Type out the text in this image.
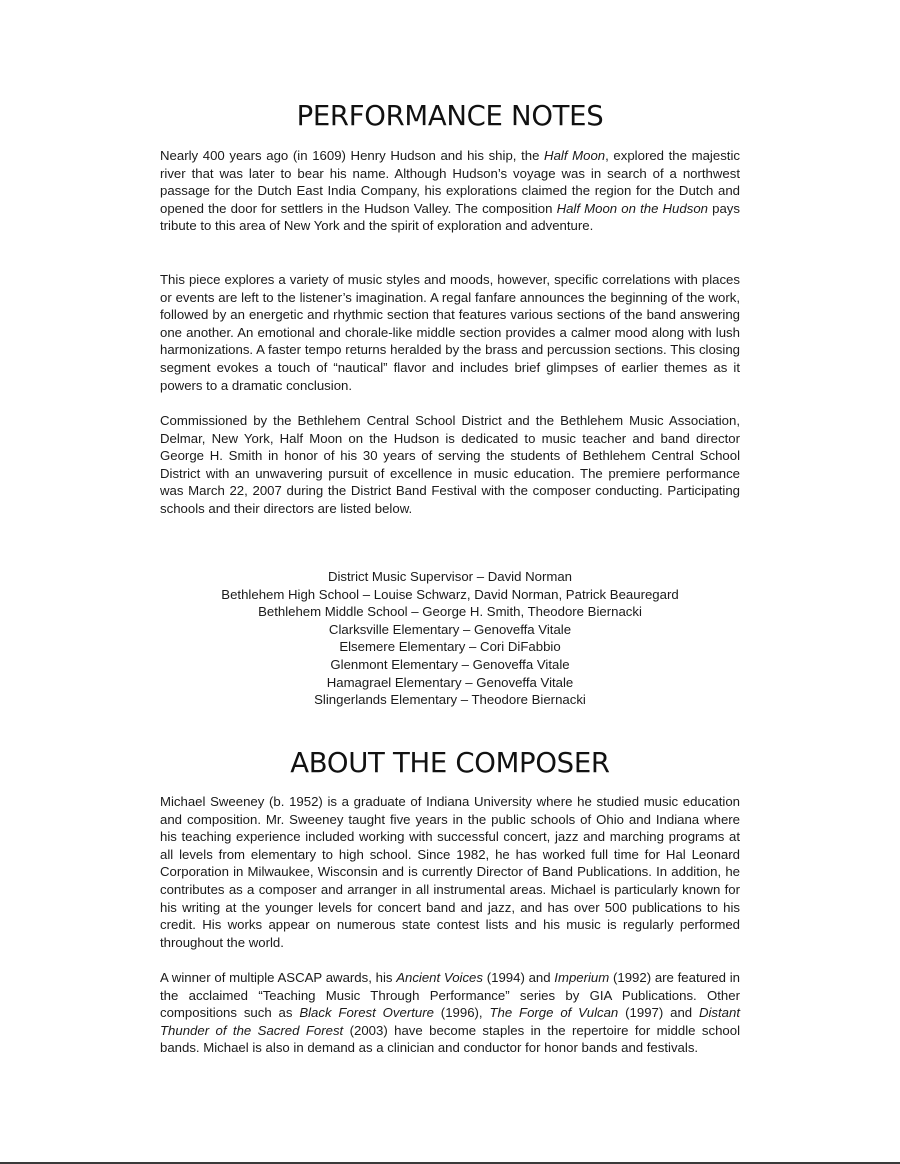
PERFORMANCE NOTES

Nearly 400 years ago (in 1609) Henry Hudson and his ship, the Half Moon, explored the majestic river that was later to bear his name. Although Hudson’s voyage was in search of a northwest passage for the Dutch East India Company, his explorations claimed the region for the Dutch and opened the door for settlers in the Hudson Valley. The composition Half Moon on the Hudson pays tribute to this area of New York and the spirit of exploration and adventure.

This piece explores a variety of music styles and moods, however, specific correlations with places or events are left to the listener’s imagination. A regal fanfare announces the beginning of the work, followed by an energetic and rhythmic section that features various sections of the band answering one another. An emotional and chorale-like middle section provides a calmer mood along with lush harmonizations. A faster tempo returns heralded by the brass and percussion sections. This closing segment evokes a touch of “nautical” flavor and includes brief glimpses of earlier themes as it powers to a dramatic conclusion.

Commissioned by the Bethlehem Central School District and the Bethlehem Music Association, Delmar, New York, Half Moon on the Hudson is dedicated to music teacher and band director George H. Smith in honor of his 30 years of serving the students of Bethlehem Central School District with an unwavering pursuit of excellence in music education. The premiere performance was March 22, 2007 during the District Band Festival with the composer conducting. Participating schools and their directors are listed below.

District Music Supervisor – David Norman
Bethlehem High School – Louise Schwarz, David Norman, Patrick Beauregard
Bethlehem Middle School – George H. Smith, Theodore Biernacki
Clarksville Elementary – Genoveffa Vitale
Elsemere Elementary – Cori DiFabbio
Glenmont Elementary – Genoveffa Vitale
Hamagrael Elementary – Genoveffa Vitale
Slingerlands Elementary – Theodore Biernacki
ABOUT THE COMPOSER

Michael Sweeney (b. 1952) is a graduate of Indiana University where he studied music education and composition. Mr. Sweeney taught five years in the public schools of Ohio and Indiana where his teaching experience included working with successful concert, jazz and marching programs at all levels from elementary to high school. Since 1982, he has worked full time for Hal Leonard Corporation in Milwaukee, Wisconsin and is currently Director of Band Publications. In addition, he contributes as a composer and arranger in all instrumental areas. Michael is particularly known for his writing at the younger levels for concert band and jazz, and has over 500 publications to his credit. His works appear on numerous state contest lists and his music is regularly performed throughout the world.

A winner of multiple ASCAP awards, his Ancient Voices (1994) and Imperium (1992) are featured in the acclaimed “Teaching Music Through Performance” series by GIA Publications. Other compositions such as Black Forest Overture (1996), The Forge of Vulcan (1997) and Distant Thunder of the Sacred Forest (2003) have become staples in the repertoire for middle school bands. Michael is also in demand as a clinician and conductor for honor bands and festivals.
